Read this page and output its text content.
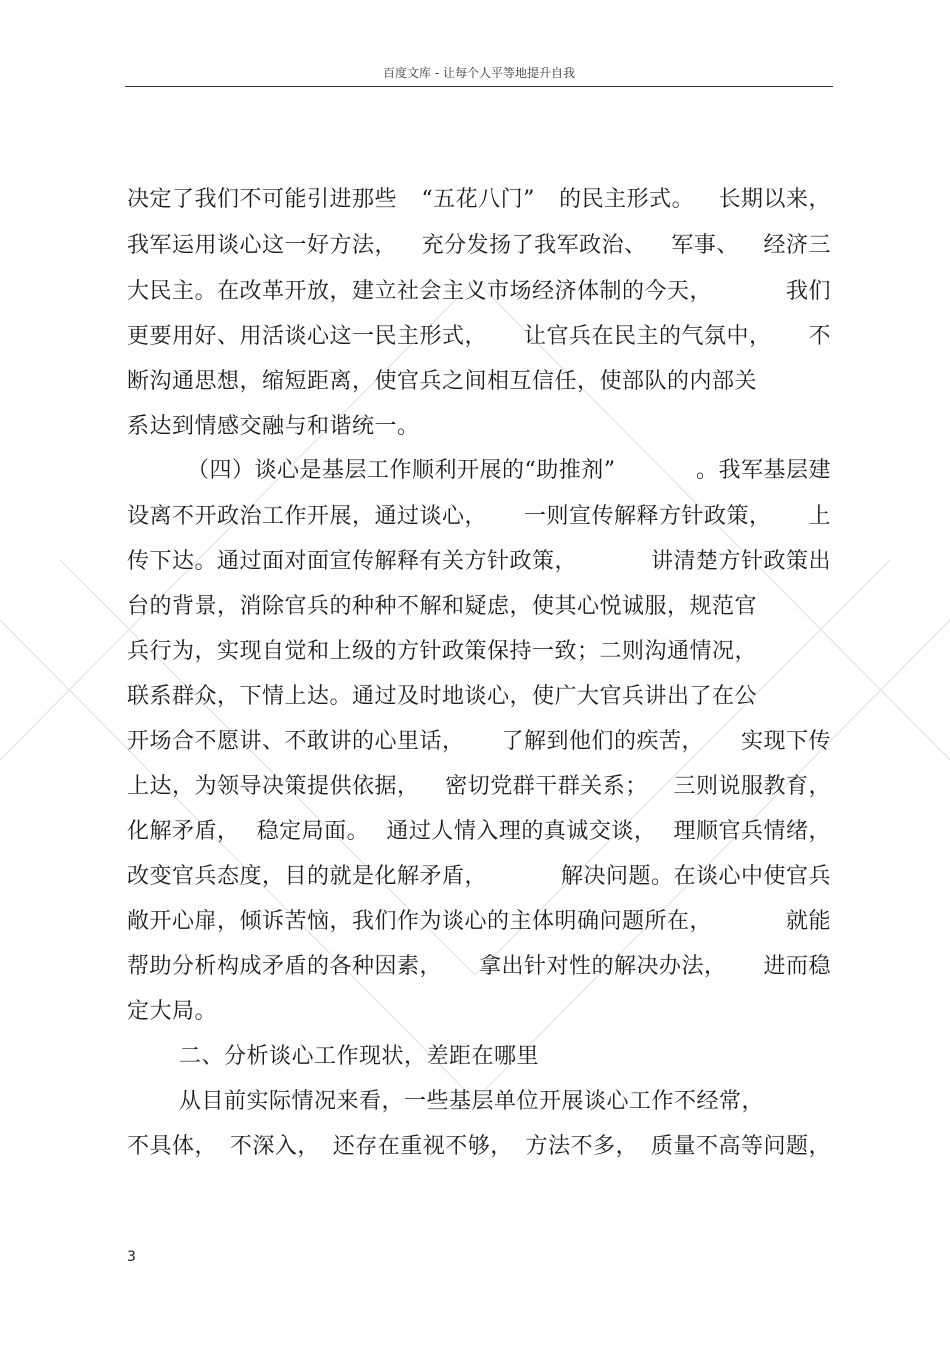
百度文库 - 让每个人平等地提升自我
决定了我们不可能引进那些 “五花八门” 的民主形式。 长期以来，
我军运用谈心这一好方法， 充分发扬了我军政治、 军事、 经济三
大民主。在改革开放，建立社会主义市场经济体制的今天，	我们
更要用好、用活谈心这一民主形式， 让官兵在民主的气氛中， 不
断沟通思想，缩短距离，使官兵之间相互信任，使部队的内部关
系达到情感交融与和谐统一。
（四）谈心是基层工作顺利开展的“助推剂”	。我军基层建
设离不开政治工作开展，通过谈心， 一则宣传解释方针政策， 上
传下达。通过面对面宣传解释有关方针政策，	讲清楚方针政策出
台的背景，消除官兵的种种不解和疑虑，使其心悦诚服，规范官
兵行为，实现自觉和上级的方针政策保持一致；二则沟通情况，
联系群众，下情上达。通过及时地谈心，使广大官兵讲出了在公
开场合不愿讲、不敢讲的心里话， 了解到他们的疾苦， 实现下传
上达，为领导决策提供依据， 密切党群干群关系； 三则说服教育，
化解矛盾， 稳定局面。 通过人情入理的真诚交谈， 理顺官兵情绪，
改变官兵态度，目的就是化解矛盾，	解决问题。在谈心中使官兵
敞开心扉，倾诉苦恼，我们作为谈心的主体明确问题所在，	就能
帮助分析构成矛盾的各种因素， 拿出针对性的解决办法， 进而稳
定大局。
二、分析谈心工作现状，差距在哪里
从目前实际情况来看，一些基层单位开展谈心工作不经常，
不具体， 不深入， 还存在重视不够， 方法不多， 质量不高等问题，
3
